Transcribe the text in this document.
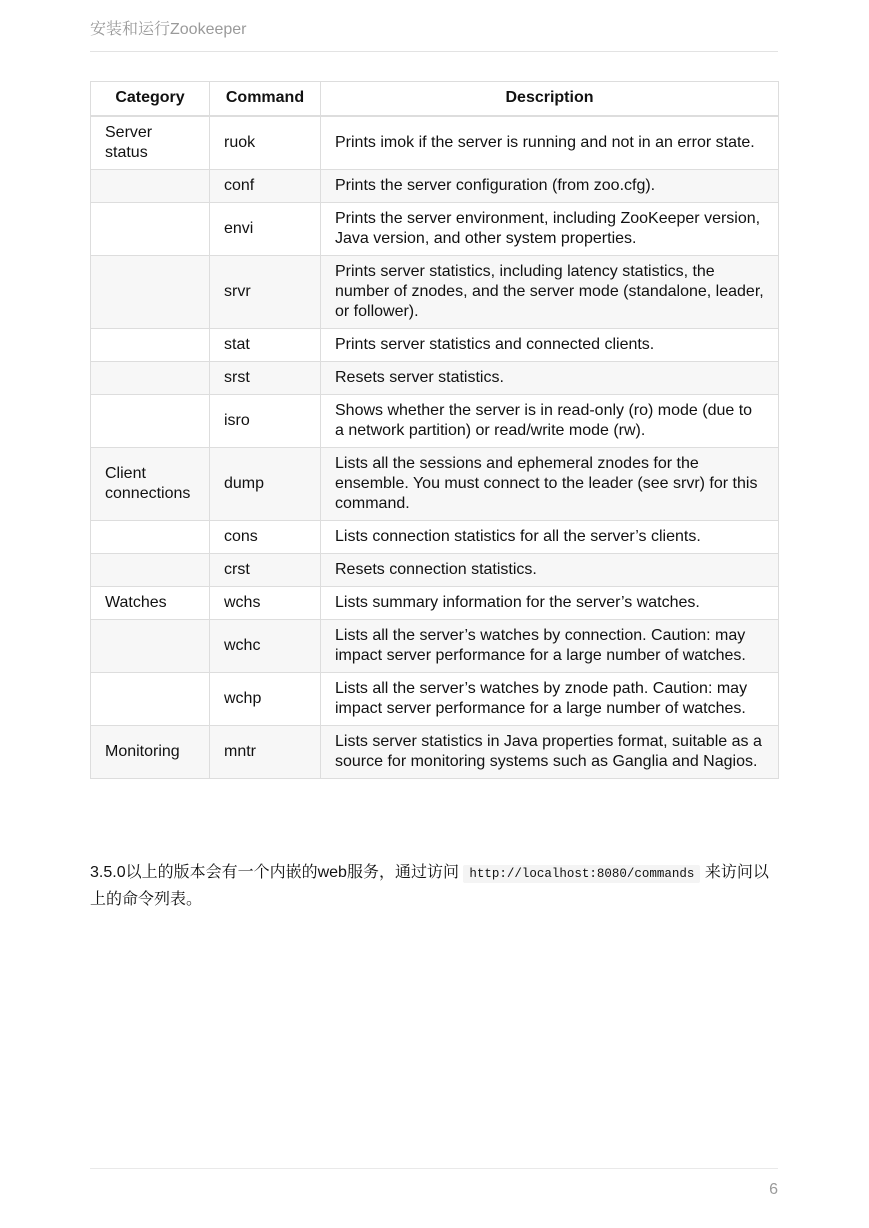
安装和运行Zookeeper
Category	Command	Description
Server status	ruok	Prints imok if the server is running and not in an error state.
	conf	Prints the server configuration (from zoo.cfg).
	envi	Prints the server environment, including ZooKeeper version, Java version, and other system properties.
	srvr	Prints server statistics, including latency statistics, the number of znodes, and the server mode (standalone, leader, or follower).
	stat	Prints server statistics and connected clients.
	srst	Resets server statistics.
	isro	Shows whether the server is in read-only (ro) mode (due to a network partition) or read/write mode (rw).
Client connections	dump	Lists all the sessions and ephemeral znodes for the ensemble. You must connect to the leader (see srvr) for this command.
	cons	Lists connection statistics for all the server’s clients.
	crst	Resets connection statistics.
Watches	wchs	Lists summary information for the server’s watches.
	wchc	Lists all the server’s watches by connection. Caution: may impact server performance for a large number of watches.
	wchp	Lists all the server’s watches by znode path. Caution: may impact server performance for a large number of watches.
Monitoring	mntr	Lists server statistics in Java properties format, suitable as a source for monitoring systems such as Ganglia and Nagios.

3.5.0以上的版本会有一个内嵌的web服务，通过访问 http://localhost:8080/commands 来访问以上的命令列表。

6
